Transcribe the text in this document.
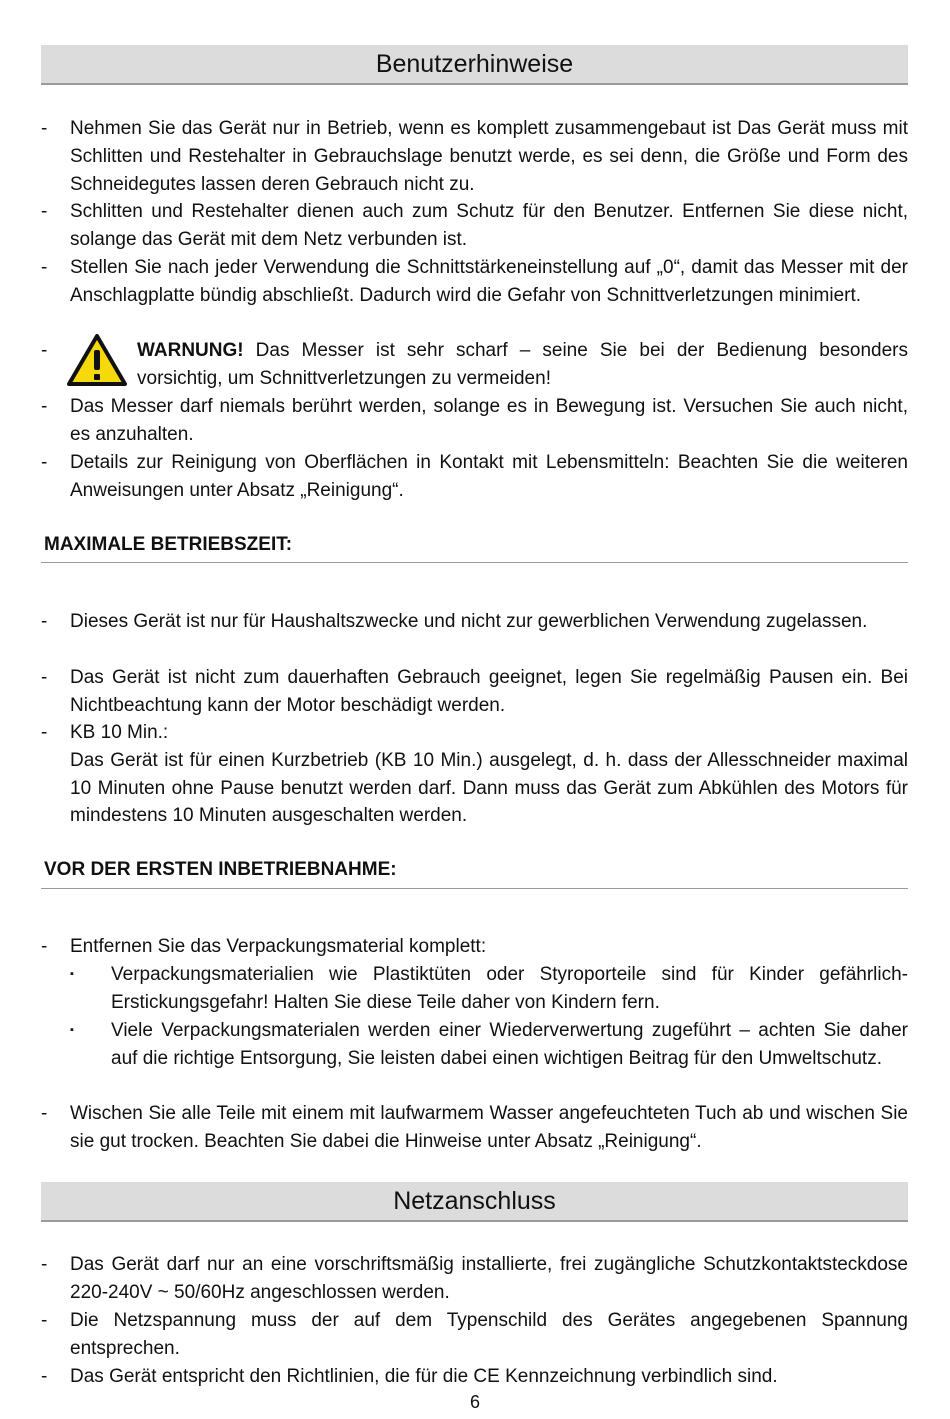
Benutzerhinweise
-	Nehmen Sie das Gerät nur in Betrieb, wenn es komplett zusammengebaut ist Das Gerät muss mit Schlitten und Restehalter in Gebrauchslage benutzt werde, es sei denn, die Größe und Form des Schneidegutes lassen deren Gebrauch nicht zu.
-	Schlitten und Restehalter dienen auch zum Schutz für den Benutzer. Entfernen Sie diese nicht, solange das Gerät mit dem Netz verbunden ist.
-	Stellen Sie nach jeder Verwendung die Schnittstärkeneinstellung auf „0“, damit das Messer mit der Anschlagplatte bündig abschließt. Dadurch wird die Gefahr von Schnittverletzungen minimiert.
-	WARNUNG! Das Messer ist sehr scharf – seine Sie bei der Bedienung besonders vorsichtig, um Schnittverletzungen zu vermeiden!
-	Das Messer darf niemals berührt werden, solange es in Bewegung ist. Versuchen Sie auch nicht, es anzuhalten.
-	Details zur Reinigung von Oberflächen in Kontakt mit Lebensmitteln: Beachten Sie die weiteren Anweisungen unter Absatz „Reinigung“.
MAXIMALE BETRIEBSZEIT:
-	Dieses Gerät ist nur für Haushaltszwecke und nicht zur gewerblichen Verwendung zugelassen.
-	Das Gerät ist nicht zum dauerhaften Gebrauch geeignet, legen Sie regelmäßig Pausen ein. Bei Nichtbeachtung kann der Motor beschädigt werden.
-	KB 10 Min.:
Das Gerät ist für einen Kurzbetrieb (KB 10 Min.) ausgelegt, d. h. dass der Allesschneider maximal 10 Minuten ohne Pause benutzt werden darf. Dann muss das Gerät zum Abkühlen des Motors für mindestens 10 Minuten ausgeschalten werden.
VOR DER ERSTEN INBETRIEBNAHME:
-	Entfernen Sie das Verpackungsmaterial komplett:
▪ Verpackungsmaterialien wie Plastiktüten oder Styroporteile sind für Kinder gefährlich- Erstickungsgefahr! Halten Sie diese Teile daher von Kindern fern.
▪ Viele Verpackungsmaterialen werden einer Wiederverwertung zugeführt – achten Sie daher auf die richtige Entsorgung, Sie leisten dabei einen wichtigen Beitrag für den Umweltschutz.
-	Wischen Sie alle Teile mit einem mit laufwarmem Wasser angefeuchteten Tuch ab und wischen Sie sie gut trocken. Beachten Sie dabei die Hinweise unter Absatz „Reinigung“.
Netzanschluss
-	Das Gerät darf nur an eine vorschriftsmäßig installierte, frei zugängliche Schutzkontaktsteckdose 220-240V ~ 50/60Hz angeschlossen werden.
-	Die Netzspannung muss der auf dem Typenschild des Gerätes angegebenen Spannung entsprechen.
-	Das Gerät entspricht den Richtlinien, die für die CE Kennzeichnung verbindlich sind.
6
